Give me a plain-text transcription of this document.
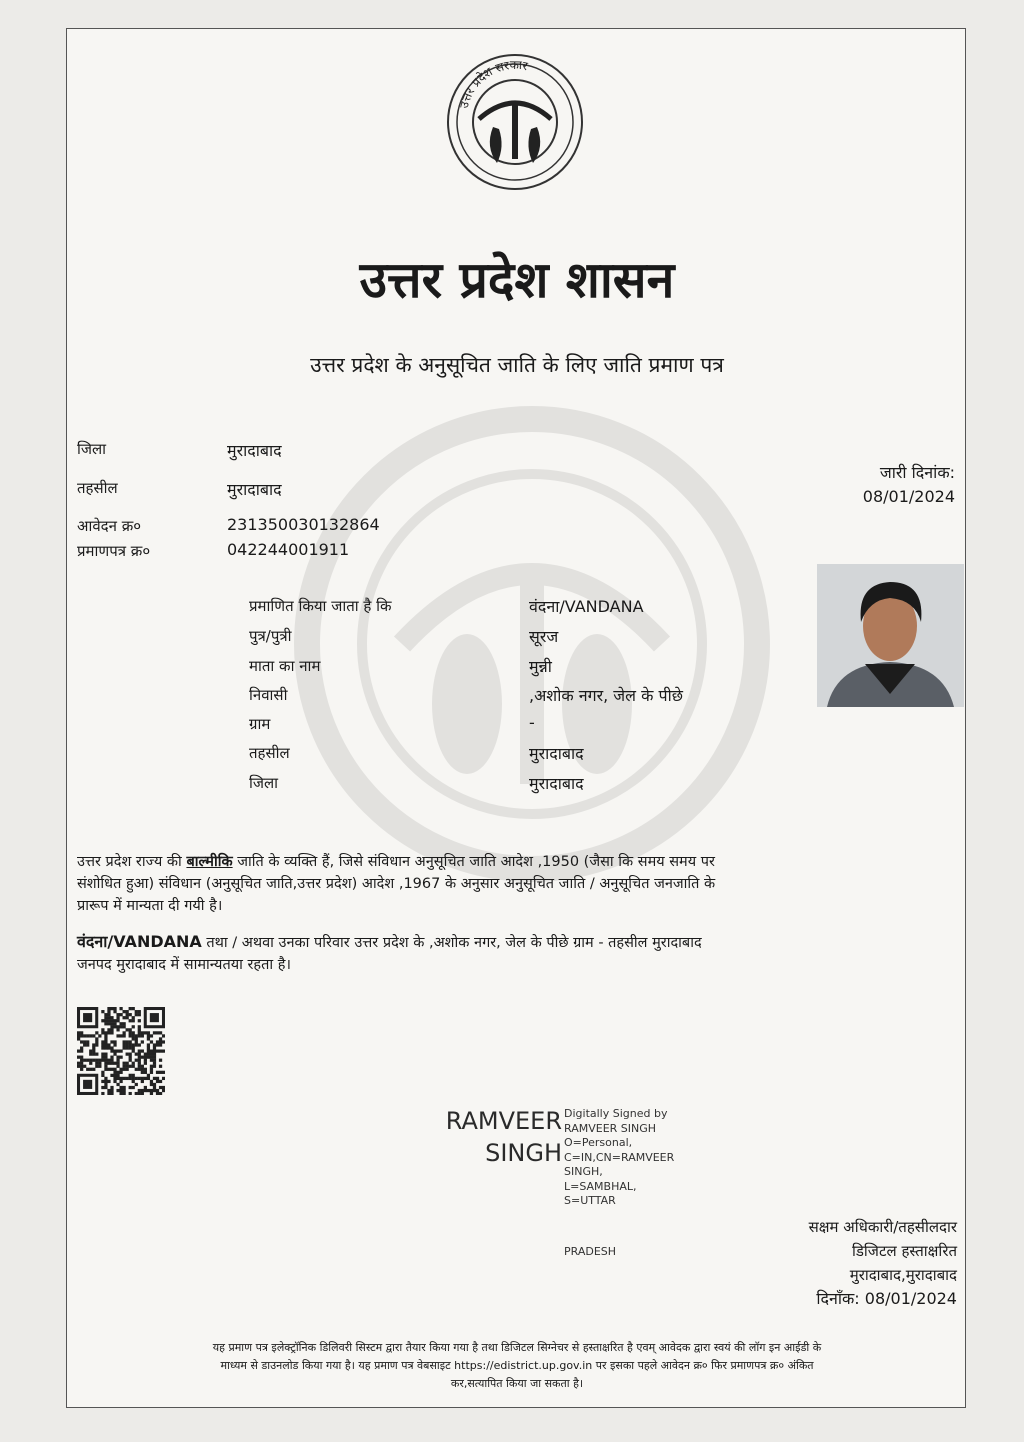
उत्तर प्रदेश सरकार
उत्तर प्रदेश शासन
उत्तर प्रदेश के अनुसूचित जाति के लिए जाति प्रमाण पत्र
जिला	मुरादाबाद
तहसील	मुरादाबाद
आवेदन क्र०	231350030132864
प्रमाणपत्र क्र०	042244001911
जारी दिनांक:
08/01/2024
प्रमाणित किया जाता है कि	वंदना/VANDANA
पुत्र/पुत्री	सूरज
माता का नाम	मुन्नी
निवासी	,अशोक नगर, जेल के पीछे
ग्राम	-
तहसील	मुरादाबाद
जिला	मुरादाबाद
उत्तर प्रदेश राज्य की बाल्मीकि जाति के व्यक्ति हैं, जिसे संविधान अनुसूचित जाति आदेश ,1950 (जैसा कि समय समय पर
संशोधित हुआ) संविधान (अनुसूचित जाति,उत्तर प्रदेश) आदेश ,1967 के अनुसार अनुसूचित जाति / अनुसूचित जनजाति के
प्रारूप में मान्यता दी गयी है।
वंदना/VANDANA तथा / अथवा उनका परिवार उत्तर प्रदेश के ,अशोक नगर, जेल के पीछे ग्राम - तहसील मुरादाबाद
जनपद मुरादाबाद में सामान्यतया रहता है।
RAMVEER
SINGH
Digitally Signed by
RAMVEER SINGH
O=Personal,
C=IN,CN=RAMVEER
SINGH,
L=SAMBHAL,
S=UTTAR
PRADESH
सक्षम अधिकारी/तहसीलदार
डिजिटल हस्ताक्षरित
मुरादाबाद,मुरादाबाद
दिनाँक: 08/01/2024
यह प्रमाण पत्र इलेक्ट्रॉनिक डिलिवरी सिस्टम द्वारा तैयार किया गया है तथा डिजिटल सिग्नेचर से हस्ताक्षरित है एवम् आवेदक द्वारा स्वयं की लॉग इन आईडी के
माध्यम से डाउनलोड किया गया है। यह प्रमाण पत्र वेबसाइट https://edistrict.up.gov.in पर इसका पहले आवेदन क्र० फिर प्रमाणपत्र क्र० अंकित
कर,सत्यापित किया जा सकता है।
